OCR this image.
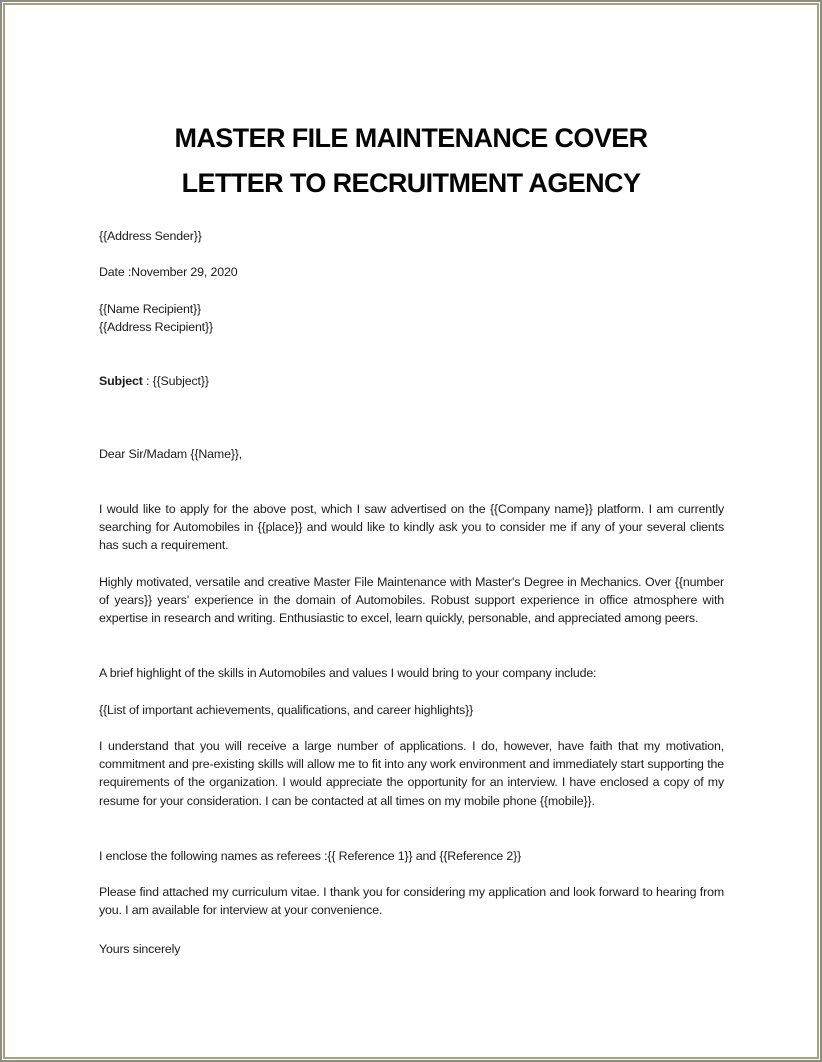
MASTER FILE MAINTENANCE COVER
LETTER TO RECRUITMENT AGENCY
{{Address Sender}}
Date :November 29, 2020
{{Name Recipient}}
{{Address Recipient}}
Subject : {{Subject}}
Dear Sir/Madam {{Name}},
I would like to apply for the above post, which I saw advertised on the {{Company name}} platform. I am currently searching for Automobiles in {{place}} and would like to kindly ask you to consider me if any of your several clients has such a requirement.
Highly motivated, versatile and creative Master File Maintenance with Master's Degree in Mechanics. Over {{number of years}} years' experience in the domain of Automobiles. Robust support experience in office atmosphere with expertise in research and writing. Enthusiastic to excel, learn quickly, personable, and appreciated among peers.
A brief highlight of the skills in Automobiles and values I would bring to your company include:
{{List of important achievements, qualifications, and career highlights}}
I understand that you will receive a large number of applications. I do, however, have faith that my motivation, commitment and pre-existing skills will allow me to fit into any work environment and immediately start supporting the requirements of the organization. I would appreciate the opportunity for an interview. I have enclosed a copy of my resume for your consideration. I can be contacted at all times on my mobile phone {{mobile}}.
I enclose the following names as referees :{{ Reference 1}} and {{Reference 2}}
Please find attached my curriculum vitae. I thank you for considering my application and look forward to hearing from you. I am available for interview at your convenience.
Yours sincerely
